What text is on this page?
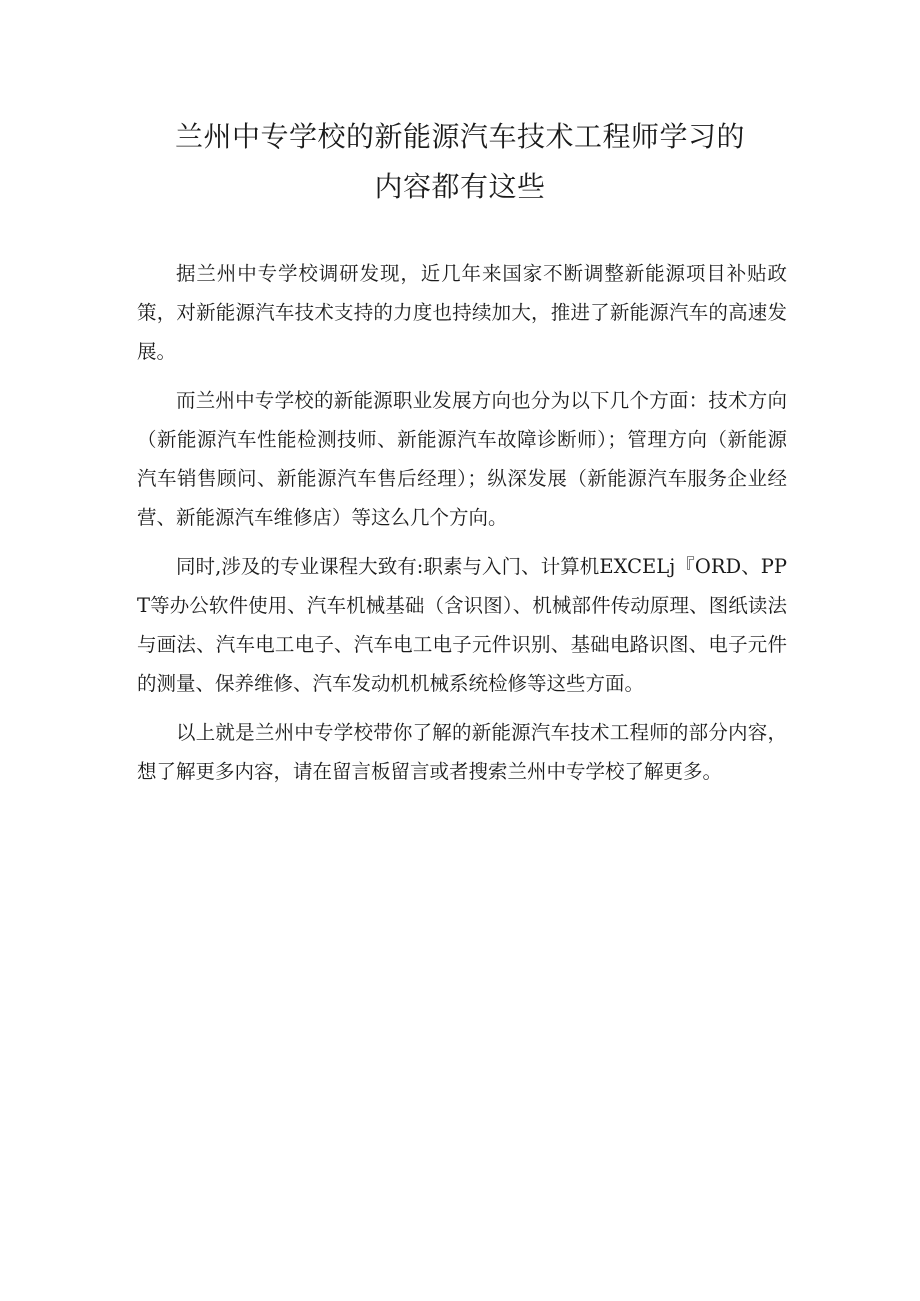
兰州中专学校的新能源汽车技术工程师学习的
内容都有这些

据兰州中专学校调研发现，近几年来国家不断调整新能源项目补贴政策，对新能源汽车技术支持的力度也持续加大，推进了新能源汽车的高速发展。

而兰州中专学校的新能源职业发展方向也分为以下几个方面：技术方向（新能源汽车性能检测技师、新能源汽车故障诊断师）；管理方向（新能源汽车销售顾问、新能源汽车售后经理）；纵深发展（新能源汽车服务企业经营、新能源汽车维修店）等这么几个方向。

同时,涉及的专业课程大致有:职素与入门、计算机EXCELj『ORD、PPT等办公软件使用、汽车机械基础（含识图）、机械部件传动原理、图纸读法与画法、汽车电工电子、汽车电工电子元件识别、基础电路识图、电子元件的测量、保养维修、汽车发动机机械系统检修等这些方面。

以上就是兰州中专学校带你了解的新能源汽车技术工程师的部分内容，想了解更多内容，请在留言板留言或者搜索兰州中专学校了解更多。
